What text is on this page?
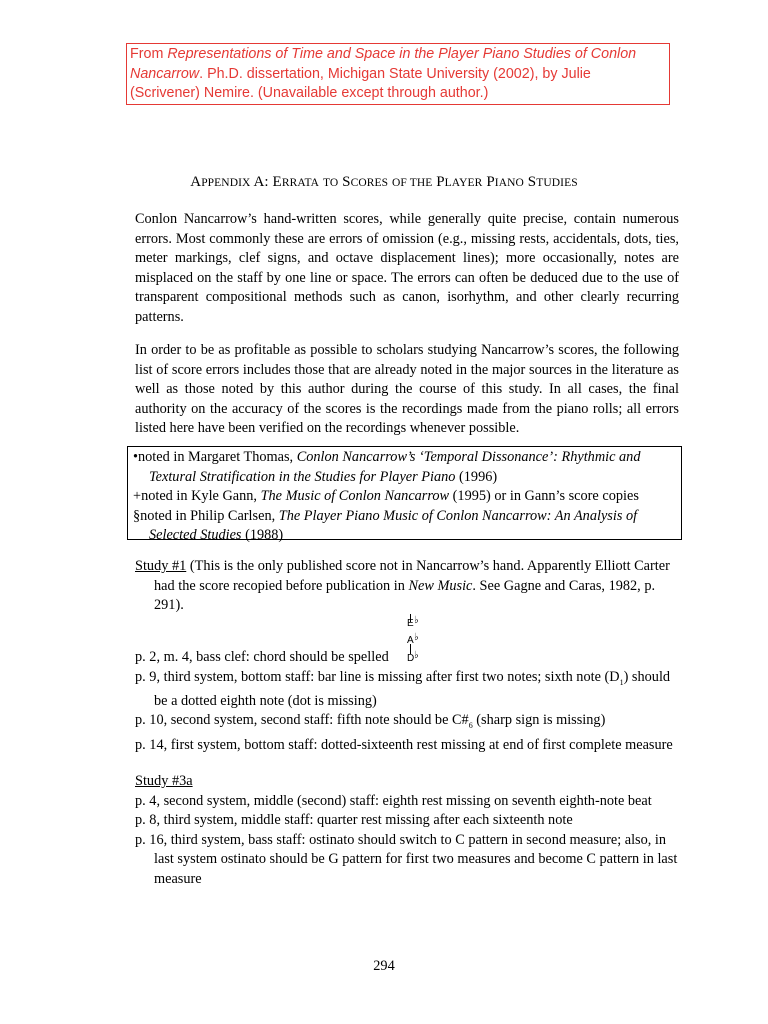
From Representations of Time and Space in the Player Piano Studies of Conlon Nancarrow. Ph.D. dissertation, Michigan State University (2002), by Julie (Scrivener) Nemire. (Unavailable except through author.)
APPENDIX A: ERRATA TO SCORES OF THE PLAYER PIANO STUDIES
Conlon Nancarrow’s hand-written scores, while generally quite precise, contain numerous errors. Most commonly these are errors of omission (e.g., missing rests, accidentals, dots, ties, meter markings, clef signs, and octave displacement lines); more occasionally, notes are misplaced on the staff by one line or space. The errors can often be deduced due to the use of transparent compositional methods such as canon, isorhythm, and other clearly recurring patterns.
In order to be as profitable as possible to scholars studying Nancarrow’s scores, the following list of score errors includes those that are already noted in the major sources in the literature as well as those noted by this author during the course of this study. In all cases, the final authority on the accuracy of the scores is the recordings made from the piano rolls; all errors listed here have been verified on the recordings whenever possible.
•noted in Margaret Thomas, Conlon Nancarrow’s ‘Temporal Dissonance’: Rhythmic and
Textural Stratification in the Studies for Player Piano (1996)
+noted in Kyle Gann, The Music of Conlon Nancarrow (1995) or in Gann’s score copies
§noted in Philip Carlsen, The Player Piano Music of Conlon Nancarrow: An Analysis of
Selected Studies (1988)
Study #1 (This is the only published score not in Nancarrow’s hand. Apparently Elliott Carter had the score recopied before publication in New Music. See Gagne and Caras, 1982, p. 291).
E ♭
A ♭
D ♭
p. 2, m. 4, bass clef: chord should be spelled
p. 9, third system, bottom staff: bar line is missing after first two notes; sixth note $(D_1)$ should be a dotted eighth note (dot is missing)
p. 10, second system, second staff: fifth note should be $C\#_6$ (sharp sign is missing)
p. 14, first system, bottom staff: dotted-sixteenth rest missing at end of first complete measure
Study #3a
p. 4, second system, middle (second) staff: eighth rest missing on seventh eighth-note beat
p. 8, third system, middle staff: quarter rest missing after each sixteenth note
p. 16, third system, bass staff: ostinato should switch to C pattern in second measure; also, in last system ostinato should be G pattern for first two measures and become C pattern in last measure
294
